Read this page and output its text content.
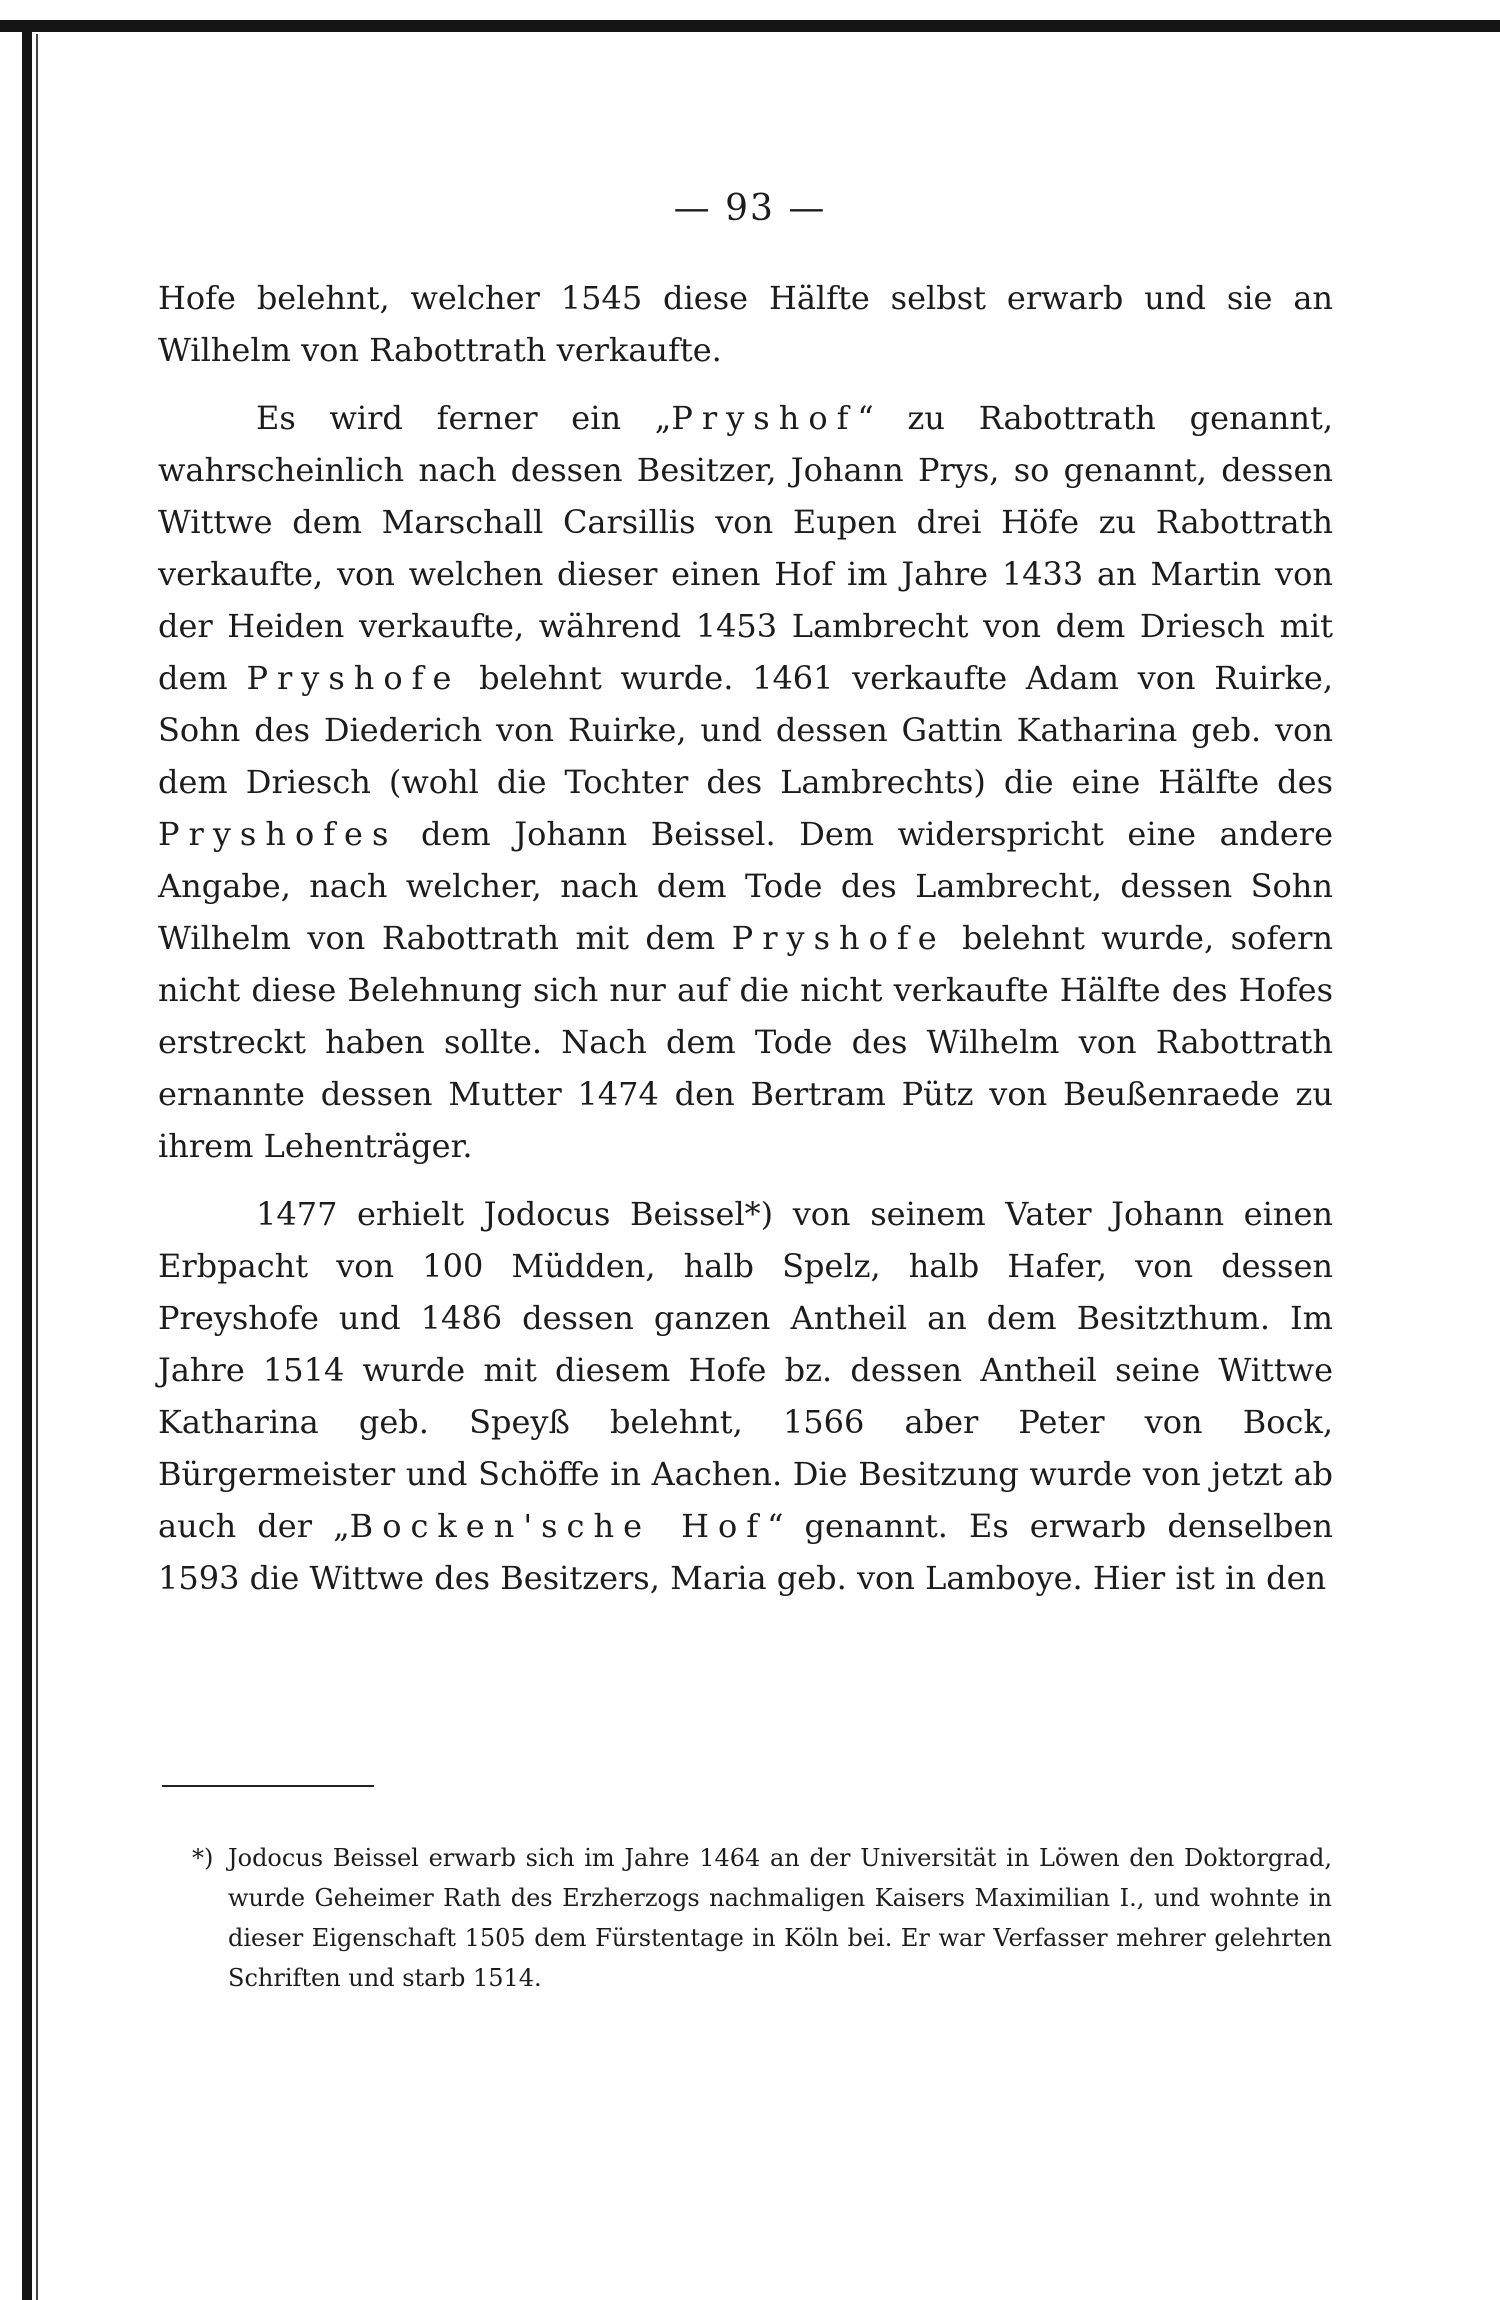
— 93 —

Hofe belehnt, welcher 1545 diese Hälfte selbst erwarb und sie an Wilhelm von Rabottrath verkaufte.

Es wird ferner ein „Pryshof“ zu Rabottrath genannt, wahrscheinlich nach dessen Besitzer, Johann Prys, so genannt, dessen Wittwe dem Marschall Carsillis von Eupen drei Höfe zu Rabottrath verkaufte, von welchen dieser einen Hof im Jahre 1433 an Martin von der Heiden verkaufte, während 1453 Lambrecht von dem Driesch mit dem Pryshofe belehnt wurde. 1461 verkaufte Adam von Ruirke, Sohn des Diederich von Ruirke, und dessen Gattin Katharina geb. von dem Driesch (wohl die Tochter des Lambrechts) die eine Hälfte des Pryshofes dem Johann Beissel. Dem widerspricht eine andere Angabe, nach welcher, nach dem Tode des Lambrecht, dessen Sohn Wilhelm von Rabottrath mit dem Pryshofe belehnt wurde, sofern nicht diese Belehnung sich nur auf die nicht verkaufte Hälfte des Hofes erstreckt haben sollte. Nach dem Tode des Wilhelm von Rabottrath ernannte dessen Mutter 1474 den Bertram Pütz von Beußenraede zu ihrem Lehenträger.

1477 erhielt Jodocus Beissel*) von seinem Vater Johann einen Erbpacht von 100 Müdden, halb Spelz, halb Hafer, von dessen Preyshofe und 1486 dessen ganzen Antheil an dem Besitzthum. Im Jahre 1514 wurde mit diesem Hofe bz. dessen Antheil seine Wittwe Katharina geb. Speyß belehnt, 1566 aber Peter von Bock, Bürgermeister und Schöffe in Aachen. Die Besitzung wurde von jetzt ab auch der „Bocken'sche Hof“ genannt. Es erwarb denselben 1593 die Wittwe des Besitzers, Maria geb. von Lamboye. Hier ist in den

*) Jodocus Beissel erwarb sich im Jahre 1464 an der Universität in Löwen den Doktorgrad, wurde Geheimer Rath des Erzherzogs nachmaligen Kaisers Maximilian I., und wohnte in dieser Eigenschaft 1505 dem Fürstentage in Köln bei. Er war Verfasser mehrer gelehrten Schriften und starb 1514.
